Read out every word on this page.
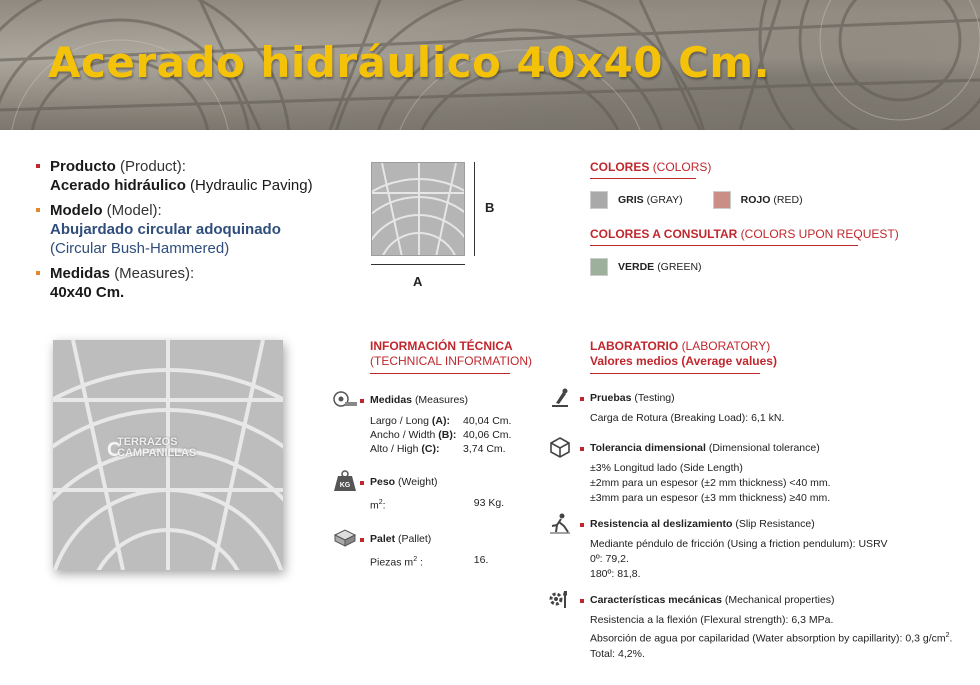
Acerado hidráulico 40x40 Cm.
Producto (Product):
Acerado hidráulico (Hydraulic Paving)
Modelo (Model):
Abujardado circular adoquinado
(Circular Bush-Hammered)
Medidas (Measures):
40x40 Cm.
B
A
COLORES (COLORS)
GRIS (GRAY)	ROJO (RED)
COLORES A CONSULTAR (COLORS UPON REQUEST)
VERDE (GREEN)
C
TERRAZOS
CAMPANILLAS
INFORMACIÓN TÉCNICA
(TECHNICAL INFORMATION)
Medidas (Measures)
Largo / Long (A):	40,04 Cm.
Ancho / Width (B): 40,06 Cm.
Alto / High (C):	3,74 Cm.
KG Peso (Weight)
$m^2$:	93 Kg.
Palet (Pallet)
Piezas $m^2$ :	16.
LABORATORIO (LABORATORY)
Valores medios (Average values)
Pruebas (Testing)
Carga de Rotura (Breaking Load): 6,1 kN.
Tolerancia dimensional (Dimensional tolerance)
±3% Longitud lado (Side Length)
±2mm para un espesor (±2 mm thickness) <40 mm.
±3mm para un espesor (±3 mm thickness) ≥40 mm.
Resistencia al deslizamiento (Slip Resistance)
Mediante péndulo de fricción (Using a friction pendulum): USRV
0º: 79,2.
180º: 81,8.
Características mecánicas (Mechanical properties)
Resistencia a la flexión (Flexural strength): 6,3 MPa.
Absorción de agua por capilaridad (Water absorption by capillarity): 0,3 $g/cm^2$.
Total: 4,2%.
